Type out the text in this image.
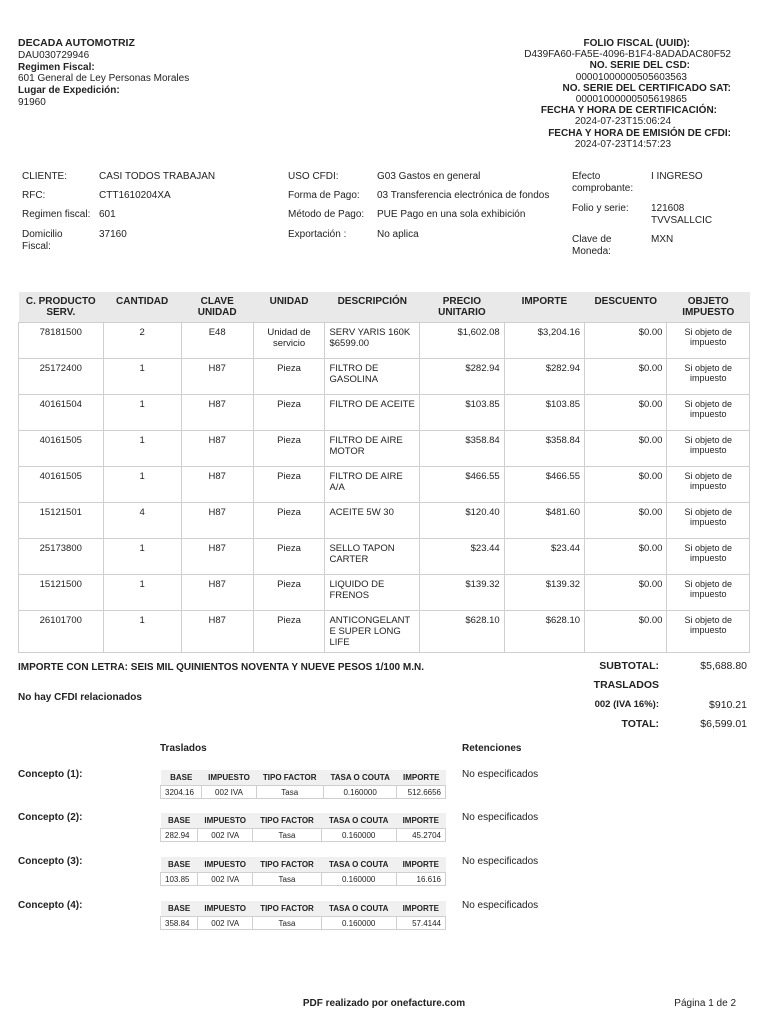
DECADA AUTOMOTRIZ
DAU030729946
Regimen Fiscal:
601 General de Ley Personas Morales
Lugar de Expedición:
91960
FOLIO FISCAL (UUID):
D439FA60-FA5E-4096-B1F4-8ADADAC80F52
NO. SERIE DEL CSD:
00001000000505603563
NO. SERIE DEL CERTIFICADO SAT:
00001000000505619865
FECHA Y HORA DE CERTIFICACIÓN:
2024-07-23T15:06:24
FECHA Y HORA DE EMISIÓN DE CFDI:
2024-07-23T14:57:23
CLIENTE:	CASI TODOS TRABAJAN
RFC:	CTT1610204XA
Regimen fiscal: 601
Domicilio
Fiscal:
37160
USO CFDI:	G03 Gastos en general
Forma de Pago: 03 Transferencia electrónica de fondos
Método de Pago: PUE Pago en una sola exhibición
Exportación :	No aplica
Efecto
comprobante:
I INGRESO
Folio y serie: 121608
TVVSALLCIC
Clave de
Moneda:
MXN
C. PRODUCTO SERV.	CANTIDAD	CLAVE UNIDAD	UNIDAD	DESCRIPCIÓN	PRECIO UNITARIO	IMPORTE	DESCUENTO	OBJETO IMPUESTO
78181500	2	E48	Unidad de servicio	SERV YARIS 160K $6599.00	$1,602.08	$3,204.16	$0.00	Si objeto de impuesto
25172400	1	H87	Pieza	FILTRO DE GASOLINA	$282.94	$282.94	$0.00	Si objeto de impuesto
40161504	1	H87	Pieza	FILTRO DE ACEITE	$103.85	$103.85	$0.00	Si objeto de impuesto
40161505	1	H87	Pieza	FILTRO DE AIRE MOTOR	$358.84	$358.84	$0.00	Si objeto de impuesto
40161505	1	H87	Pieza	FILTRO DE AIRE A/A	$466.55	$466.55	$0.00	Si objeto de impuesto
15121501	4	H87	Pieza	ACEITE 5W 30	$120.40	$481.60	$0.00	Si objeto de impuesto
25173800	1	H87	Pieza	SELLO TAPON CARTER	$23.44	$23.44	$0.00	Si objeto de impuesto
15121500	1	H87	Pieza	LIQUIDO DE FRENOS	$139.32	$139.32	$0.00	Si objeto de impuesto
26101700	1	H87	Pieza	ANTICONGELANT E SUPER LONG LIFE	$628.10	$628.10	$0.00	Si objeto de impuesto
IMPORTE CON LETRA: SEIS MIL QUINIENTOS NOVENTA Y NUEVE PESOS 1/100 M.N.
No hay CFDI relacionados
SUBTOTAL:	$5,688.80
TRASLADOS
002 (IVA 16%):	$910.21
TOTAL:	$6,599.01
Traslados	Retenciones
Concepto (1):	BASE	IMPUESTO	TIPO FACTOR	TASA O COUTA	IMPORTE
3204.16	002 IVA	Tasa	0.160000	512.6656
No especificados
Concepto (2):	BASE	IMPUESTO	TIPO FACTOR	TASA O COUTA	IMPORTE
282.94	002 IVA	Tasa	0.160000	45.2704
No especificados
Concepto (3):	BASE	IMPUESTO	TIPO FACTOR	TASA O COUTA	IMPORTE
103.85	002 IVA	Tasa	0.160000	16.616
No especificados
Concepto (4):	BASE	IMPUESTO	TIPO FACTOR	TASA O COUTA	IMPORTE
358.84	002 IVA	Tasa	0.160000	57.4144
No especificados
PDF realizado por onefacture.com	Página 1 de 2
